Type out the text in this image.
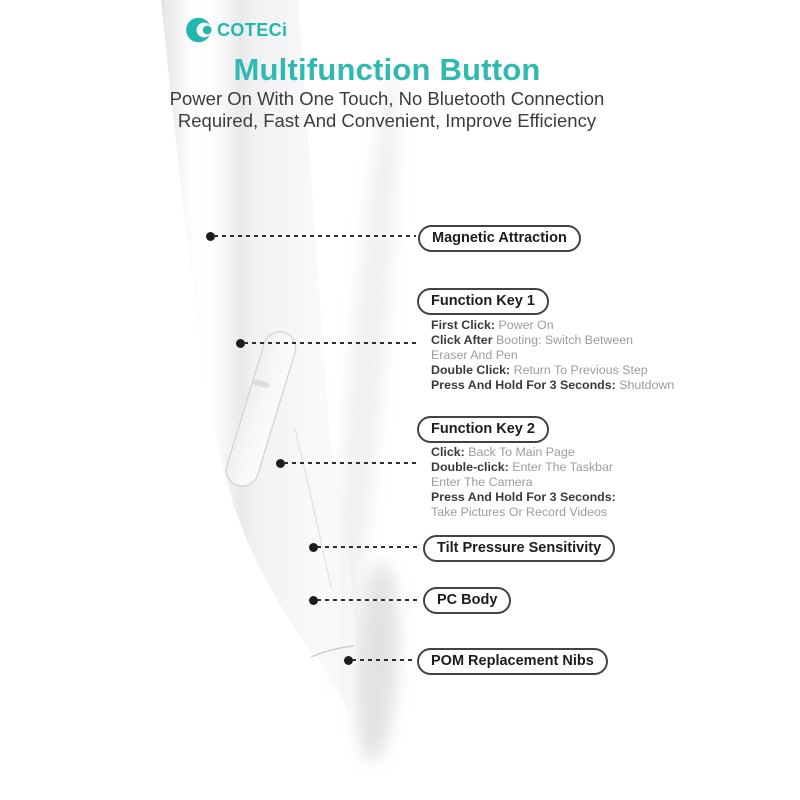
COTECi
Multifunction Button
Power On With One Touch, No Bluetooth Connection
Required, Fast And Convenient, Improve Efficiency
Magnetic Attraction
Function Key 1
First Click: Power On
Click After Booting: Switch Between
Eraser And Pen
Double Click: Return To Previous Step
Press And Hold For 3 Seconds: Shutdown
Function Key 2
Click: Back To Main Page
Double-click: Enter The Taskbar
Enter The Camera
Press And Hold For 3 Seconds:
Take Pictures Or Record Videos
Tilt Pressure Sensitivity
PC Body
POM Replacement Nibs
